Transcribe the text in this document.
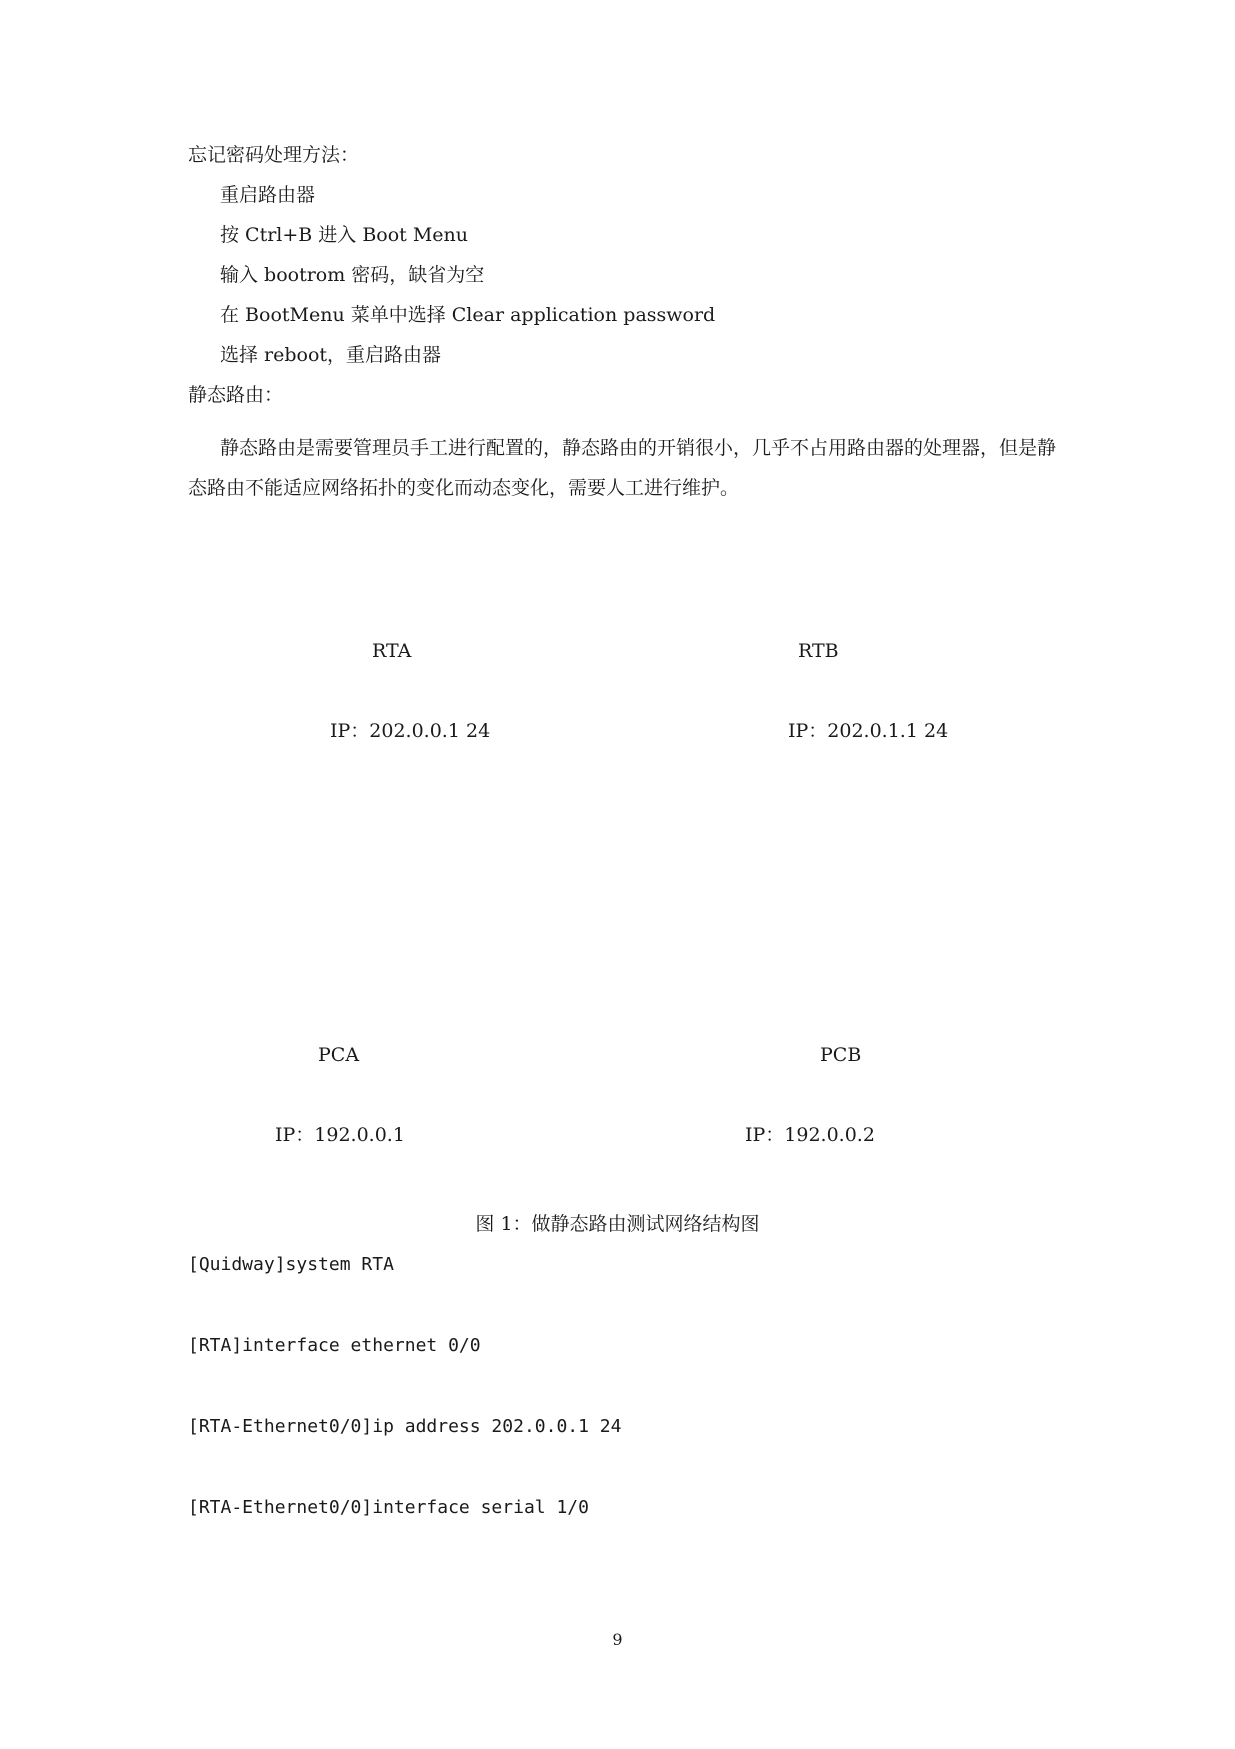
忘记密码处理方法：
重启路由器
按 Ctrl+B 进入 Boot Menu
输入 bootrom 密码，缺省为空
在 BootMenu 菜单中选择 Clear application password
选择 reboot，重启路由器
静态路由：

静态路由是需要管理员手工进行配置的，静态路由的开销很小，几乎不占用路由器的处理器，但是静态路由不能适应网络拓扑的变化而动态变化，需要人工进行维护。

RTA	RTB
IP：202.0.0.1 24	IP：202.0.1.1 24
PCA	PCB
IP：192.0.0.1	IP：192.0.0.2
图 1：做静态路由测试网络结构图
[Quidway]system RTA
[RTA]interface ethernet 0/0
[RTA-Ethernet0/0]ip address 202.0.0.1 24
[RTA-Ethernet0/0]interface serial 1/0
9
